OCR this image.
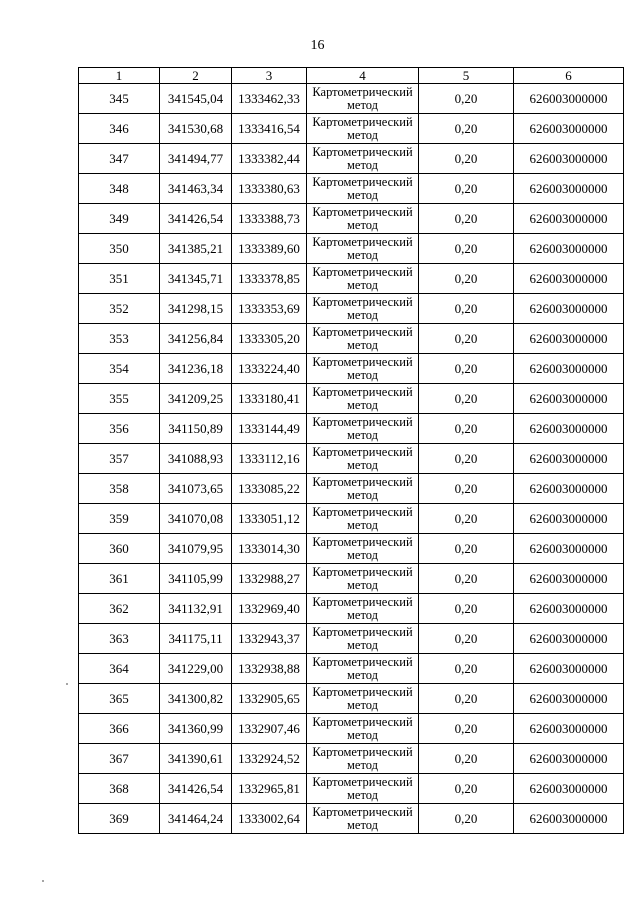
16
1	2	3	4	5	6
345	341545,04	1333462,33	Картометрический
метод	0,20	626003000000
346	341530,68	1333416,54	Картометрический
метод	0,20	626003000000
347	341494,77	1333382,44	Картометрический
метод	0,20	626003000000
348	341463,34	1333380,63	Картометрический
метод	0,20	626003000000
349	341426,54	1333388,73	Картометрический
метод	0,20	626003000000
350	341385,21	1333389,60	Картометрический
метод	0,20	626003000000
351	341345,71	1333378,85	Картометрический
метод	0,20	626003000000
352	341298,15	1333353,69	Картометрический
метод	0,20	626003000000
353	341256,84	1333305,20	Картометрический
метод	0,20	626003000000
354	341236,18	1333224,40	Картометрический
метод	0,20	626003000000
355	341209,25	1333180,41	Картометрический
метод	0,20	626003000000
356	341150,89	1333144,49	Картометрический
метод	0,20	626003000000
357	341088,93	1333112,16	Картометрический
метод	0,20	626003000000
358	341073,65	1333085,22	Картометрический
метод	0,20	626003000000
359	341070,08	1333051,12	Картометрический
метод	0,20	626003000000
360	341079,95	1333014,30	Картометрический
метод	0,20	626003000000
361	341105,99	1332988,27	Картометрический
метод	0,20	626003000000
362	341132,91	1332969,40	Картометрический
метод	0,20	626003000000
363	341175,11	1332943,37	Картометрический
метод	0,20	626003000000
364	341229,00	1332938,88	Картометрический
метод	0,20	626003000000
365	341300,82	1332905,65	Картометрический
метод	0,20	626003000000
366	341360,99	1332907,46	Картометрический
метод	0,20	626003000000
367	341390,61	1332924,52	Картометрический
метод	0,20	626003000000
368	341426,54	1332965,81	Картометрический
метод	0,20	626003000000
369	341464,24	1333002,64	Картометрический
метод	0,20	626003000000
